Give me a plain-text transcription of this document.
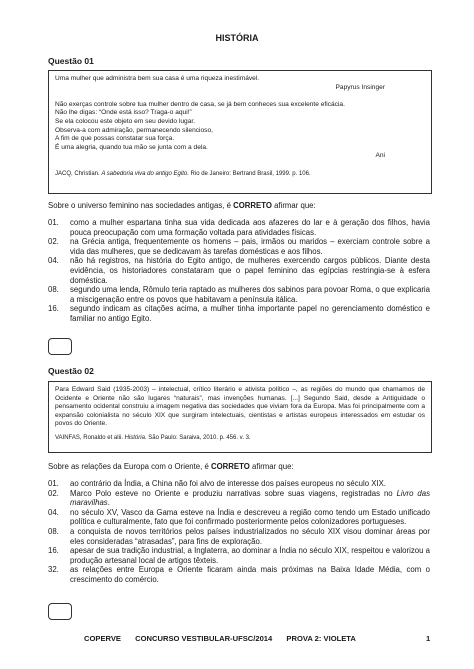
HISTÓRIA
Questão 01

Uma mulher que administra bem sua casa é uma riqueza inestimável.

Papyrus Insinger

Não exerças controle sobre tua mulher dentro de casa, se já bem conheces sua excelente eficácia.

Não lhe digas: “Onde está isso? Traga-o aqui!”

Se ela colocou este objeto em seu devido lugar.

Observa-a com admiração, permanecendo silencioso,

A fim de que possas constatar sua força.

É uma alegria, quando tua mão se junta com a dela.

Ani

JACQ, Christian. A sabedoria viva do antigo Egito. Rio de Janeiro: Bertrand Brasil, 1999. p. 106.

Sobre o universo feminino nas sociedades antigas, é CORRETO afirmar que:
01.	como a mulher espartana tinha sua vida dedicada aos afazeres do lar e à geração dos filhos, havia pouca preocupação com uma formação voltada para atividades físicas.
02.	na Grécia antiga, frequentemente os homens – pais, irmãos ou maridos – exerciam controle sobre a vida das mulheres, que se dedicavam às tarefas domésticas e aos filhos.
04.	não há registros, na história do Egito antigo, de mulheres exercendo cargos públicos. Diante desta evidência, os historiadores constataram que o papel feminino das egípcias restringia-se à esfera doméstica.
08.	segundo uma lenda, Rômulo teria raptado as mulheres dos sabinos para povoar Roma, o que explicaria a miscigenação entre os povos que habitavam a península itálica.
16.	segundo indicam as citações acima, a mulher tinha importante papel no gerenciamento doméstico e familiar no antigo Egito.
Questão 02
Para Edward Said (1935-2003) – intelectual, crítico literário e ativista político –, as regiões do mundo que chamamos de Ocidente e Oriente não são lugares “naturais”, mas invenções humanas. [...] Segundo Said, desde a Antiguidade o pensamento ocidental construiu a imagem negativa das sociedades que viviam fora da Europa. Mas foi principalmente com a expansão colonialista no século XIX que surgiram intelectuais, cientistas e artistas europeus interessados em estudar os povos do Oriente.

VAINFAS, Ronaldo et alii. História. São Paulo: Saraiva, 2010. p. 456. v. 3.

Sobre as relações da Europa com o Oriente, é CORRETO afirmar que:
01.	ao contrário da Índia, a China não foi alvo de interesse dos países europeus no século XIX.
02.	Marco Polo esteve no Oriente e produziu narrativas sobre suas viagens, registradas no Livro das maravilhas.
04.	no século XV, Vasco da Gama esteve na Índia e descreveu a região como tendo um Estado unificado política e culturalmente, fato que foi confirmado posteriormente pelos colonizadores portugueses.
08.	a conquista de novos territórios pelos países industrializados no século XIX visou dominar áreas por eles consideradas “atrasadas”, para fins de exploração.
16.	apesar de sua tradição industrial, a Inglaterra, ao dominar a Índia no século XIX, respeitou e valorizou a produção artesanal local de artigos têxteis.
32.	as relações entre Europa e Oriente ficaram ainda mais próximas na Baixa Idade Média, com o crescimento do comércio.
COPERVE CONCURSO VESTIBULAR-UFSC/2014 PROVA 2: VIOLETA	1
